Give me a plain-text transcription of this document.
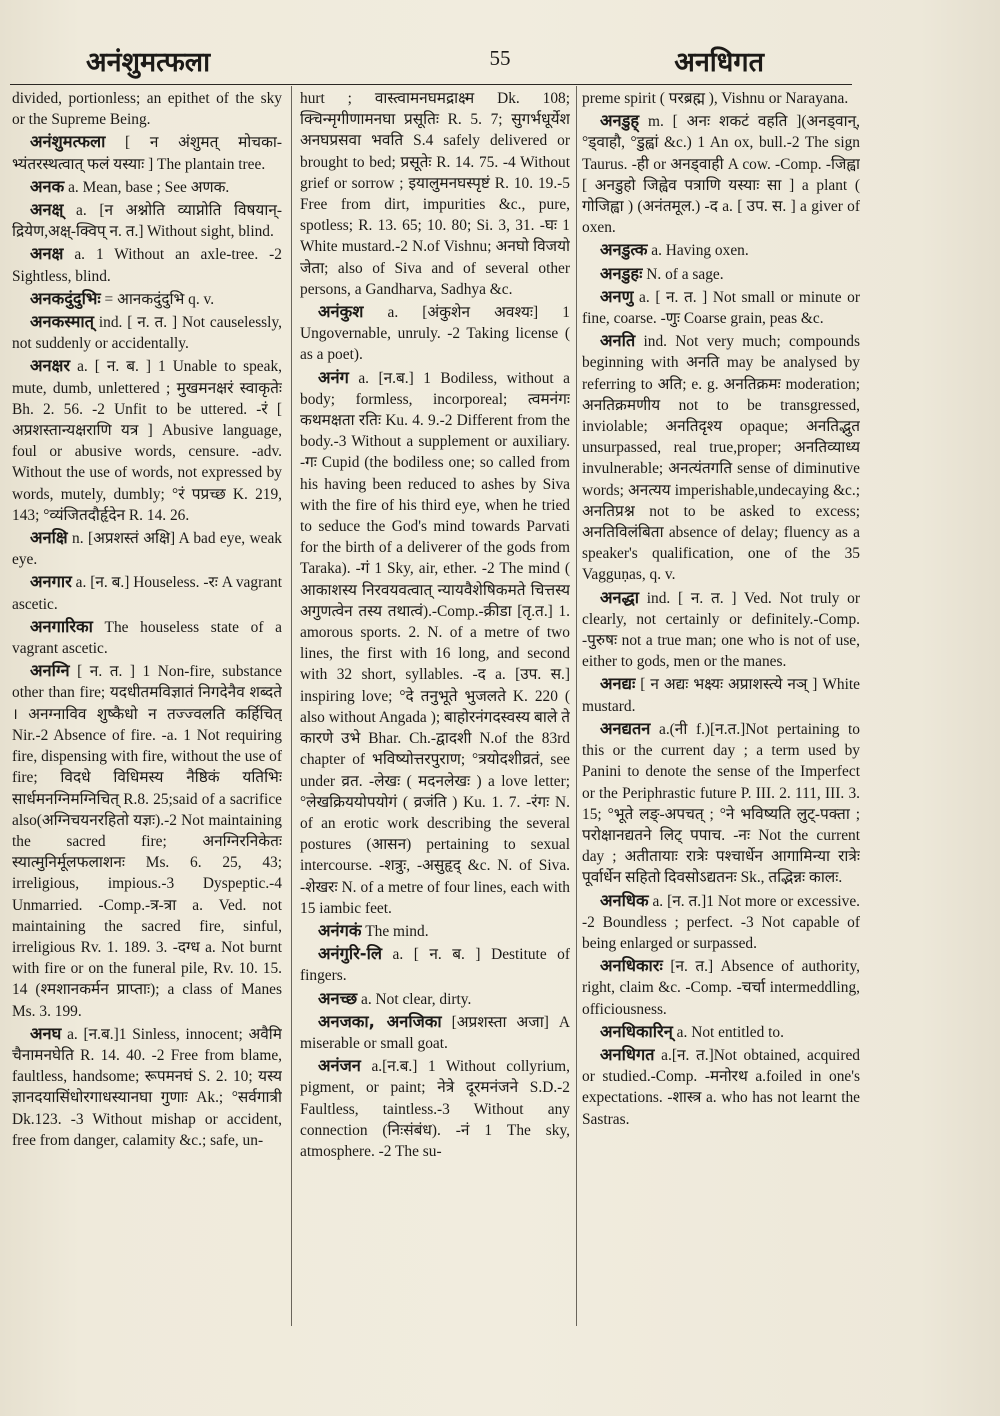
अनंशुमत्फला	55	अनधिगत
divided, portionless; an epithet of the sky or the Supreme Being.
अनंशुमत्फला [ न अंशुमत् मोचका-भ्यंतरस्थत्वात् फलं यस्याः ] The plantain tree.
अनक a. Mean, base ; See अणक.
अनक्ष् a. [न अश्नोति व्याप्नोति विषयान्-द्रियेण,अक्ष्-क्विप् न. त.] Without sight, blind.
अनक्ष a. 1 Without an axle-tree. -2 Sightless, blind.
अनकदुंदुभिः = आनकदुंदुभि q. v.
अनकस्मात् ind. [ न. त. ] Not causelessly, not suddenly or accidentally.
अनक्षर a. [ न. ब. ] 1 Unable to speak, mute, dumb, unlettered ; मुखमनक्षरं स्वाकृतेः Bh. 2. 56. -2 Unfit to be uttered. -रं [ अप्रशस्तान्यक्षराणि यत्र ] Abusive language, foul or abusive words, censure. -adv. Without the use of words, not expressed by words, mutely, dumbly; °रं पप्रच्छ K. 219, 143; °व्यंजितदौर्हृदेन R. 14. 26.
अनक्षि n. [अप्रशस्तं अक्षि] A bad eye, weak eye.
अनगार a. [न. ब.] Houseless. -रः A vagrant ascetic.
अनगारिका The houseless state of a vagrant ascetic.
अनग्नि [ न. त. ] 1 Non-fire, substance other than fire; यदधीतमविज्ञातं निगदेनैव शब्दते । अनग्नाविव शुष्कैधो न तज्ज्वलति कर्हिचित् Nir.-2 Absence of fire. -a. 1 Not requiring fire, dispensing with fire, without the use of fire; विदधे विधिमस्य नैष्ठिकं यतिभिः सार्धमनग्निमग्निचित् R.8. 25;said of a sacrifice also(अग्निचयनरहितो यज्ञः).-2 Not maintaining the sacred fire; अनग्निरनिकेतः स्यात्मुनिर्मूलफलाशनः Ms. 6. 25, 43; irreligious, impious.-3 Dyspeptic.-4 Unmarried. -Comp.-त्र-त्रा a. Ved. not maintaining the sacred fire, sinful, irreligious Rv. 1. 189. 3. -दग्ध a. Not burnt with fire or on the funeral pile, Rv. 10. 15. 14 (श्मशानकर्मन प्राप्ताः); a class of Manes Ms. 3. 199.
अनघ a. [न.ब.]1 Sinless, innocent; अवैमि चैनामनघेति R. 14. 40. -2 Free from blame, faultless, handsome; रूपमनघं S. 2. 10; यस्य ज्ञानदयासिंधोरगाधस्यानघा गुणाः Ak.; °सर्वगात्री Dk.123. -3 Without mishap or accident, free from danger, calamity &c.; safe, un-
hurt ; वास्त्वामनघमद्राक्ष्म Dk. 108; क्चिन्मृगीणामनघा प्रसूतिः R. 5. 7; सुगर्भधूर्येश अनघप्रसवा भवति S.4 safely delivered or brought to bed; प्रसूतेः R. 14. 75. -4 Without grief or sorrow ; इयालुमनघस्पृष्टं R. 10. 19.-5 Free from dirt, impurities &c., pure, spotless; R. 13. 65; 10. 80; Si. 3, 31. -घः 1 White mustard.-2 N.of Vishnu; अनघो विजयो जेता; also of Siva and of several other persons, a Gandharva, Sadhya &c.
अनंकुश a. [अंकुशेन अवश्यः] 1 Ungovernable, unruly. -2 Taking license ( as a poet).
अनंग a. [न.ब.] 1 Bodiless, without a body; formless, incorporeal; त्वमनंगः कथमक्षता रतिः Ku. 4. 9.-2 Different from the body.-3 Without a supplement or auxiliary. -गः Cupid (the bodiless one; so called from his having been reduced to ashes by Siva with the fire of his third eye, when he tried to seduce the God's mind towards Parvati for the birth of a deliverer of the gods from Taraka). -गं 1 Sky, air, ether. -2 The mind ( आकाशस्य निरवयवत्वात् न्यायवैशेषिकमते चित्तस्य अगुणत्वेन तस्य तथात्वं).-Comp.-क्रीडा [तृ.त.] 1. amorous sports. 2. N. of a metre of two lines, the first with 16 long, and second with 32 short, syllables. -द a. [उप. स.] inspiring love; °दे तनुभूते भुजलते K. 220 ( also without Angada ); बाहोरनंगदस्वस्य बाले ते कारणे उभे Bhar. Ch.-द्वादशी N.of the 83rd chapter of भविष्योत्तरपुराण; °त्रयोदशीव्रतं, see under व्रत. -लेखः ( मदनलेखः ) a love letter; °लेखक्रिययोपयोगं ( व्रजंति ) Ku. 1. 7. -रंगः N. of an erotic work describing the several postures (आसन) pertaining to sexual intercourse. -शत्रुः, -असुहृद् &c. N. of Siva. -शेखरः N. of a metre of four lines, each with 15 iambic feet.
अनंगकं The mind.
अनंगुरि-लि a. [ न. ब. ] Destitute of fingers.
अनच्छ a. Not clear, dirty.
अनजका, अनजिका [अप्रशस्ता अजा] A miserable or small goat.
अनंजन a.[न.ब.] 1 Without collyrium, pigment, or paint; नेत्रे दूरमनंजने S.D.-2 Faultless, taintless.-3 Without any connection (निःसंबंध). -नं 1 The sky, atmosphere. -2 The su-
preme spirit ( परब्रह्म ), Vishnu or Narayana.
अनडुह् m. [ अनः शकटं वहति ](अनड्वान्, °ड्वाहौ, °डुह्वां &c.) 1 An ox, bull.-2 The sign Taurus. -ही or अनड्वाही A cow. -Comp. -जिह्वा [ अनडुहो जिह्वेव पत्राणि यस्याः सा ] a plant ( गोजिह्वा ) (अनंतमूल.) -द a. [ उप. स. ] a giver of oxen.
अनडुत्क a. Having oxen.
अनडुहः N. of a sage.
अनणु a. [ न. त. ] Not small or minute or fine, coarse. -णुः Coarse grain, peas &c.
अनति ind. Not very much; compounds beginning with अनति may be analysed by referring to अति; e. g. अनतिक्रमः moderation; अनतिक्रमणीय not to be transgressed, inviolable; अनतिदृश्य opaque; अनतिद्भुत unsurpassed, real true,proper; अनतिव्याध्य invulnerable; अनत्यंतगति sense of diminutive words; अनत्यय imperishable,undecaying &c.; अनतिप्रश्न not to be asked to excess; अनतिविलंबिता absence of delay; fluency as a speaker's qualification, one of the 35 Vagguṇas, q. v.
अनद्धा ind. [ न. त. ] Ved. Not truly or clearly, not certainly or definitely.-Comp. -पुरुषः not a true man; one who is not of use, either to gods, men or the manes.
अनद्यः [ न अद्यः भक्ष्यः अप्राशस्त्ये नञ् ] White mustard.
अनद्यतन a.(नी f.)[न.त.]Not pertaining to this or the current day ; a term used by Panini to denote the sense of the Imperfect or the Periphrastic future P. III. 2. 111, III. 3. 15; °भूते लङ्-अपचत् ; °ने भविष्यति लुट्-पक्ता ; परोक्षानद्यतने लिट् पपाच. -नः Not the current day ; अतीतायाः रात्रेः पश्चार्धेन आगामिन्या रात्रेः पूर्वार्धेन सहितो दिवसोऽद्यतनः Sk., तद्भिन्नः कालः.
अनधिक a. [न. त.]1 Not more or excessive. -2 Boundless ; perfect. -3 Not capable of being enlarged or surpassed.
अनधिकारः [न. त.] Absence of authority, right, claim &c. -Comp. -चर्चा intermeddling, officiousness.
अनधिकारिन् a. Not entitled to.
अनधिगत a.[न. त.]Not obtained, acquired or studied.-Comp. -मनोरथ a.foiled in one's expectations. -शास्त्र a. who has not learnt the Sastras.
